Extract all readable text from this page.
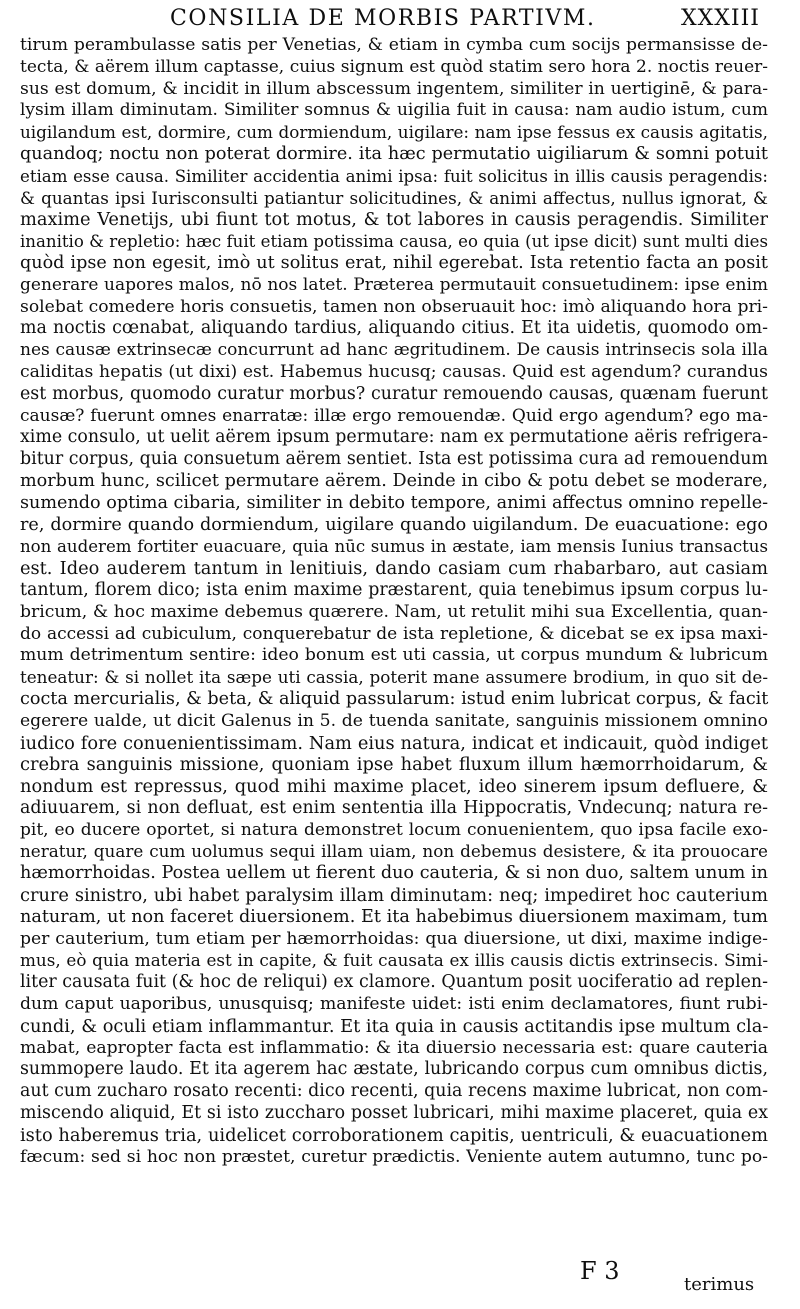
CONSILIA DE MORBIS PARTIVM.	XXXIII
tirum perambulasse satis per Venetias, & etiam in cymba cum socijs permansisse de-
tecta, & aërem illum captasse, cuius signum est quòd statim sero hora 2. noctis reuer-
sus est domum, & incidit in illum abscessum ingentem, similiter in uertiginē, & para-
lysim illam diminutam. Similiter somnus & uigilia fuit in causa: nam audio istum, cum
uigilandum est, dormire, cum dormiendum, uigilare: nam ipse fessus ex causis agitatis,
quandoq; noctu non poterat dormire. ita hæc permutatio uigiliarum & somni potuit
etiam esse causa. Similiter accidentia animi ipsa: fuit solicitus in illis causis peragendis:
& quantas ipsi Iurisconsulti patiantur solicitudines, & animi affectus, nullus ignorat, &
maxime Venetijs, ubi fiunt tot motus, & tot labores in causis peragendis. Similiter
inanitio & repletio: hæc fuit etiam potissima causa, eo quia (ut ipse dicit) sunt multi dies
quòd ipse non egesit, imò ut solitus erat, nihil egerebat. Ista retentio facta an posit
generare uapores malos, nō nos latet. Præterea permutauit consuetudinem: ipse enim
solebat comedere horis consuetis, tamen non obseruauit hoc: imò aliquando hora pri-
ma noctis cœnabat, aliquando tardius, aliquando citius. Et ita uidetis, quomodo om-
nes causæ extrinsecæ concurrunt ad hanc ægritudinem. De causis intrinsecis sola illa
caliditas hepatis (ut dixi) est. Habemus hucusq; causas. Quid est agendum? curandus
est morbus, quomodo curatur morbus? curatur remouendo causas, quænam fuerunt
causæ? fuerunt omnes enarratæ: illæ ergo remouendæ. Quid ergo agendum? ego ma-
xime consulo, ut uelit aërem ipsum permutare: nam ex permutatione aëris refrigera-
bitur corpus, quia consuetum aërem sentiet. Ista est potissima cura ad remouendum
morbum hunc, scilicet permutare aërem. Deinde in cibo & potu debet se moderare,
sumendo optima cibaria, similiter in debito tempore, animi affectus omnino repelle-
re, dormire quando dormiendum, uigilare quando uigilandum. De euacuatione: ego
non auderem fortiter euacuare, quia nūc sumus in æstate, iam mensis Iunius transactus
est. Ideo auderem tantum in lenitiuis, dando casiam cum rhabarbaro, aut casiam
tantum, florem dico; ista enim maxime præstarent, quia tenebimus ipsum corpus lu-
bricum, & hoc maxime debemus quærere. Nam, ut retulit mihi sua Excellentia, quan-
do accessi ad cubiculum, conquerebatur de ista repletione, & dicebat se ex ipsa maxi-
mum detrimentum sentire: ideo bonum est uti cassia, ut corpus mundum & lubricum
teneatur: & si nollet ita sæpe uti cassia, poterit mane assumere brodium, in quo sit de-
cocta mercurialis, & beta, & aliquid passularum: istud enim lubricat corpus, & facit
egerere ualde, ut dicit Galenus in 5. de tuenda sanitate, sanguinis missionem omnino
iudico fore conuenientissimam. Nam eius natura, indicat et indicauit, quòd indiget
crebra sanguinis missione, quoniam ipse habet fluxum illum hæmorrhoidarum, &
nondum est repressus, quod mihi maxime placet, ideo sinerem ipsum defluere, &
adiuuarem, si non defluat, est enim sententia illa Hippocratis, Vndecunq; natura re-
pit, eo ducere oportet, si natura demonstret locum conuenientem, quo ipsa facile exo-
neratur, quare cum uolumus sequi illam uiam, non debemus desistere, & ita prouocare
hæmorrhoidas. Postea uellem ut fierent duo cauteria, & si non duo, saltem unum in
crure sinistro, ubi habet paralysim illam diminutam: neq; impediret hoc cauterium
naturam, ut non faceret diuersionem. Et ita habebimus diuersionem maximam, tum
per cauterium, tum etiam per hæmorrhoidas: qua diuersione, ut dixi, maxime indige-
mus, eò quia materia est in capite, & fuit causata ex illis causis dictis extrinsecis. Simi-
liter causata fuit (& hoc de reliqui) ex clamore. Quantum posit uociferatio ad replen-
dum caput uaporibus, unusquisq; manifeste uidet: isti enim declamatores, fiunt rubi-
cundi, & oculi etiam inflammantur. Et ita quia in causis actitandis ipse multum cla-
mabat, eapropter facta est inflammatio: & ita diuersio necessaria est: quare cauteria
summopere laudo. Et ita agerem hac æstate, lubricando corpus cum omnibus dictis,
aut cum zucharo rosato recenti: dico recenti, quia recens maxime lubricat, non com-
miscendo aliquid, Et si isto zucchаro posset lubricari, mihi maxime placeret, quia ex
isto haberemus tria, uidelicet corroborationem capitis, uentriculi, & euacuationem
fæcum: sed si hoc non præstet, curetur prædictis. Veniente autem autumno, tunc po-
F 3	terimus
